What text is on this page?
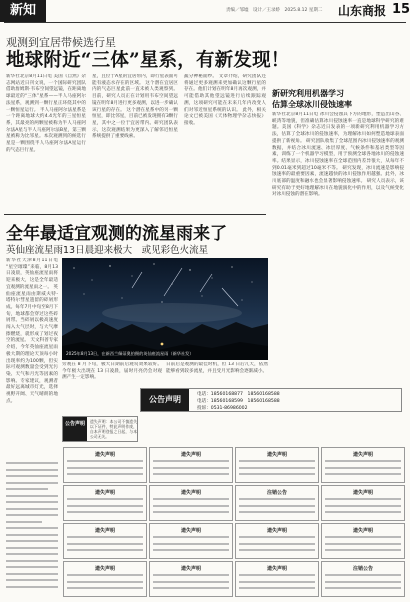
新知	责编／邹墟　设计／王录娇　2025.8.12 星期二 山东商报 15
观测到宜居带候选行星
地球附近“三体”星系，有新发现！
新华社北京8月11日电 美国《自然》杂志网站近日刊文说，一个国际研究团队借助詹姆斯·韦布空间望远镜，在距离地球最近的“三体”星系——半人马座阿尔法星系，观测到一颗行星正环绕其中的一颗恒星运行。 半人马座阿尔法星系是一个距离地球大约4.4光年的三星恒星系，其最亮的两颗星被称为半人马座阿尔法A星与半人马座阿尔法B星，第三颗星被称为比邻星。本次观测到的候选行星是一颗围绕半人马座阿尔法A星运行的气态巨行星。
星，且位于A星的宜居带内，即行星表面可能有液态水存在的区域。 这个潜在宜居区内的气态巨星此前一直未被人类观察到。目前，研究人员正在计划用韦布空间望远镜在明年8月进行更多观测，以进一步确认该行星的存在。 这个潜在星系中的另一颗恒星，即比邻星，目前已被发现拥有3颗行星，其中之一位于宜居带内。研究团队表示，这次观测结果为更深入了解邻近恒星系统提供了重要线索。
蔬分神秘面纱。 文章介绍，研究团队还将通过更多观测来更加确认这颗行星的存在。他们计划在明年8月再次观测，并可能借助其他望远镜进行后续跟踪观测，这项研究可能在未来几年内改变人们对邻近恒星系统的认识。 此外，相关论文已被美国《天体物理学杂志快报》接收。
新研究利用机器学习
估算全球冰川侵蚀速率
新华社北京8月11日电 冰川会侵蚀其下方的地形，塑造出山谷、峡湾等地貌，但准确估算冰川侵蚀速率一直是地球科学研究的难题。美国《科学》杂志近日发表的一项新研究利用机器学习方法，估算了全球冰川的侵蚀速率，为理解冰川如何塑造地球表面提供了新视角。 研究团队收集了全球范围内冰川侵蚀速率的观测数据，并结合冰川流速、冰层厚度、气候条件和基岩类型等因素，训练了一个机器学习模型，用于预测全球各地冰川的侵蚀速率。结果显示，冰川侵蚀速率在全球范围内差异很大，从每年不到0.01毫米到超过10毫米不等。 研究发现，冰川流速是影响侵蚀速率的最重要因素，流速越快的冰川侵蚀作用越强。此外，冰川底部的温度和融水也会显著影响侵蚀速率。 研究人员表示，该研究有助于更好地理解冰川在地貌演化中的作用，以及气候变化对冰川侵蚀的潜在影响。
全年最适宜观测的流星雨来了
英仙座流星雨13日晨迎来极大　或见彩色火流星
新华社天津8月11日电 “星空璀璨”来临，8月13日凌晨，英仙座流星雨将迎来极大，这是全年最适宜观测的流星雨之一。 英仙座流星雨由斯威夫特-塔特尔彗星遗留的碎屑形成。每年7月中旬至8月下旬，地球都会穿过这些碎屑带。当碎屑以极高速度闯入大气层时，与大气摩擦燃烧，就形成了划过夜空的流星。 天文科普专家介绍，今年英仙座流星雨极大期的理论天顶每小时出现率约为100颗，但实际可观测数量会受到光污染、天气和月光等因素的影响。专家建议，观测者最好远离城市灯光，选择视野开阔、天气晴朗的地点。
2025年8月13日，在新西兰佩蒂奥拍摄的英仙座流星雨（新华社发）
旁观在 8 月下旬，极大日期前后观赏效果较好。今年极大出现在 13 日凌晨，届时月亮仍会对观测产生一定影响。
日前后是观测的最佳时机，但 13 日后几天，依然能够看到较多流星，并且受月光影响会逐渐减小。
公告声明
电话：18560168877　18560168588
电话：18560168599　18560168588
投诉：0531-86986002
公告声明	遗失声明：本公司不慎遗失以下证件，特此声明作废，自本声明登报之日起，与本公司无关。
遗失声明	遗失声明	遗失声明	遗失声明
遗失声明	遗失声明	注销公告	遗失声明
遗失声明	遗失声明	遗失声明	遗失声明
遗失声明	遗失声明	遗失声明	注销公告
